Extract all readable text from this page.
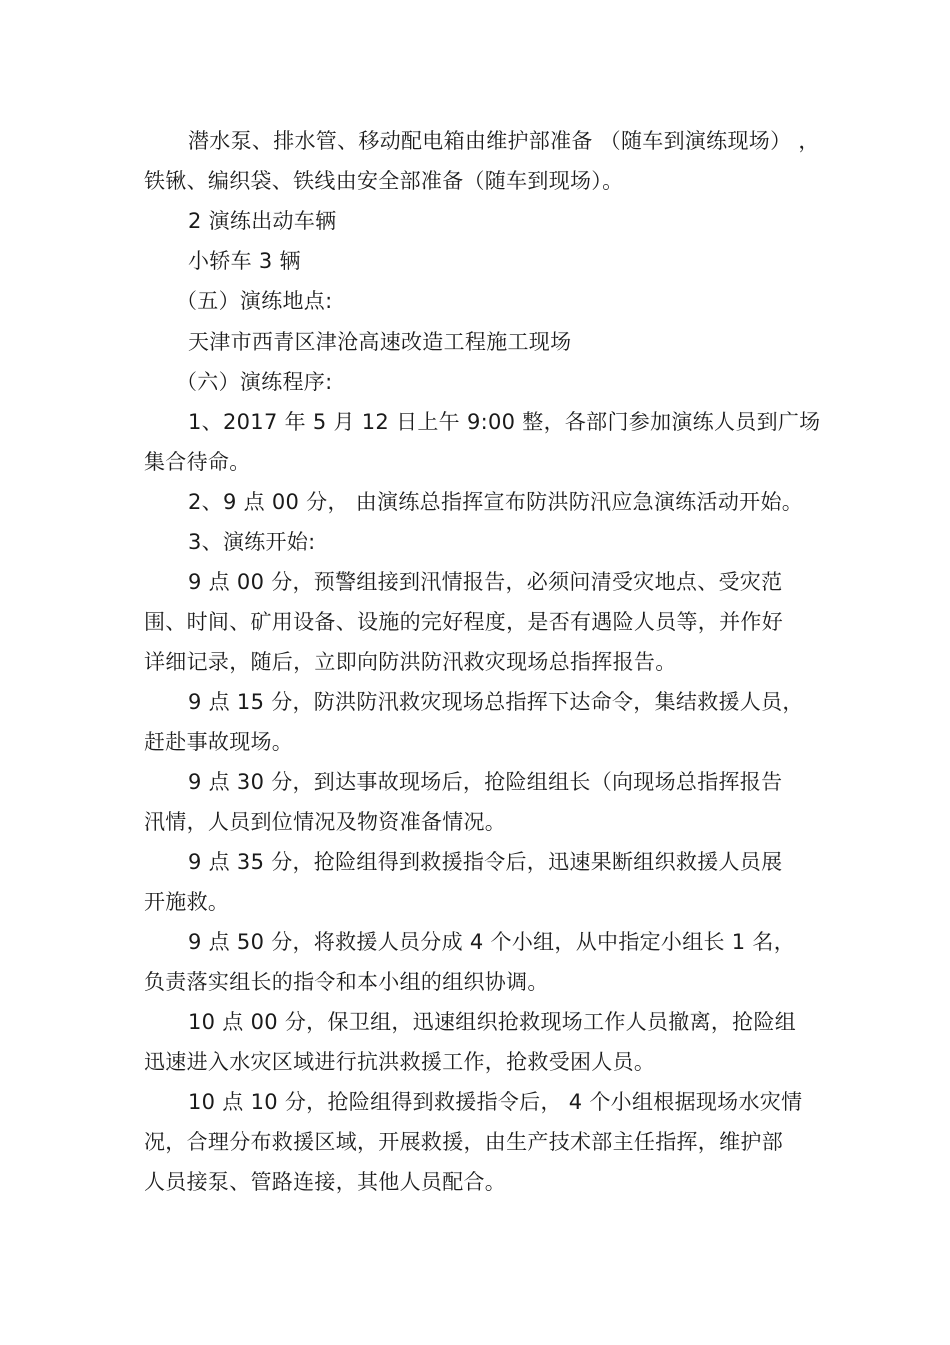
潜水泵、排水管、移动配电箱由维护部准备 （随车到演练现场） ，
铁锹、编织袋、铁线由安全部准备（随车到现场）。
2 演练出动车辆
小轿车 3 辆
（五）演练地点:
天津市西青区津沧高速改造工程施工现场
（六）演练程序:
1、2017 年 5 月 12 日上午 9:00 整，各部门参加演练人员到广场
集合待命。
2、9 点 00 分， 由演练总指挥宣布防洪防汛应急演练活动开始。
3、演练开始:
9 点 00 分，预警组接到汛情报告，必须问清受灾地点、受灾范
围、时间、矿用设备、设施的完好程度，是否有遇险人员等，并作好
详细记录，随后，立即向防洪防汛救灾现场总指挥报告。
9 点 15 分，防洪防汛救灾现场总指挥下达命令，集结救援人员，
赶赴事故现场。
9 点 30 分，到达事故现场后，抢险组组长（向现场总指挥报告
汛情，人员到位情况及物资准备情况。
9 点 35 分，抢险组得到救援指令后，迅速果断组织救援人员展
开施救。
9 点 50 分，将救援人员分成 4 个小组，从中指定小组长 1 名，
负责落实组长的指令和本小组的组织协调。
10 点 00 分，保卫组，迅速组织抢救现场工作人员撤离，抢险组
迅速进入水灾区域进行抗洪救援工作，抢救受困人员。
10 点 10 分，抢险组得到救援指令后， 4 个小组根据现场水灾情
况，合理分布救援区域，开展救援，由生产技术部主任指挥，维护部
人员接泵、管路连接，其他人员配合。
